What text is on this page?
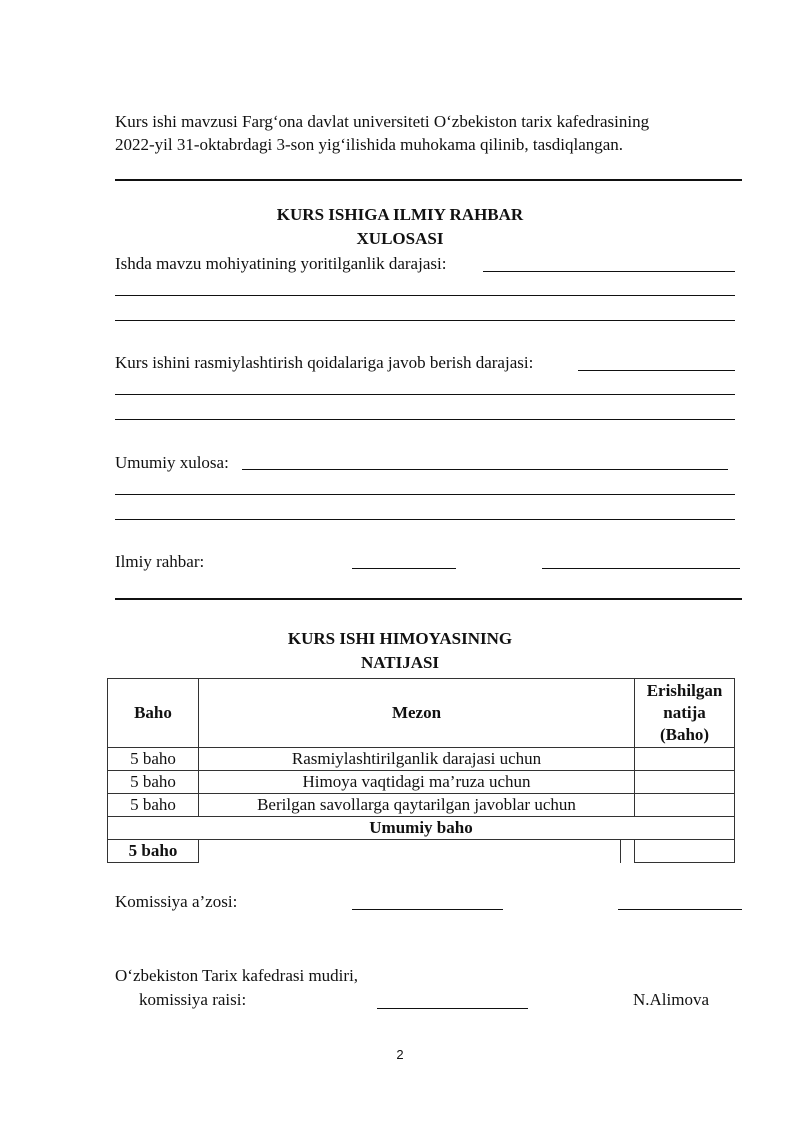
Kurs ishi mavzusi Farg‘ona davlat universiteti O‘zbekiston tarix kafedrasining
2022-yil 31-oktabrdagi 3-son yig‘ilishida muhokama qilinib, tasdiqlangan.
KURS ISHIGA ILMIY RAHBAR
XULOSASI
Ishda mavzu mohiyatining yoritilganlik darajasi:
Kurs ishini rasmiylashtirish qoidalariga javob berish darajasi:
Umumiy xulosa:
Ilmiy rahbar:
KURS ISHI HIMOYASINING
NATIJASI
Baho	Mezon		Erishilgan
natija
(Baho)

5 baho	Rasmiylashtirilganlik darajasi uchun		
5 baho	Himoya vaqtidagi ma’ruza uchun		
5 baho	Berilgan savollarga qaytarilgan javoblar uchun		
Umumiy baho			
5 baho			
Komissiya a’zosi:
O‘zbekiston Tarix kafedrasi mudiri,
komissiya raisi:	N.Alimova
2
